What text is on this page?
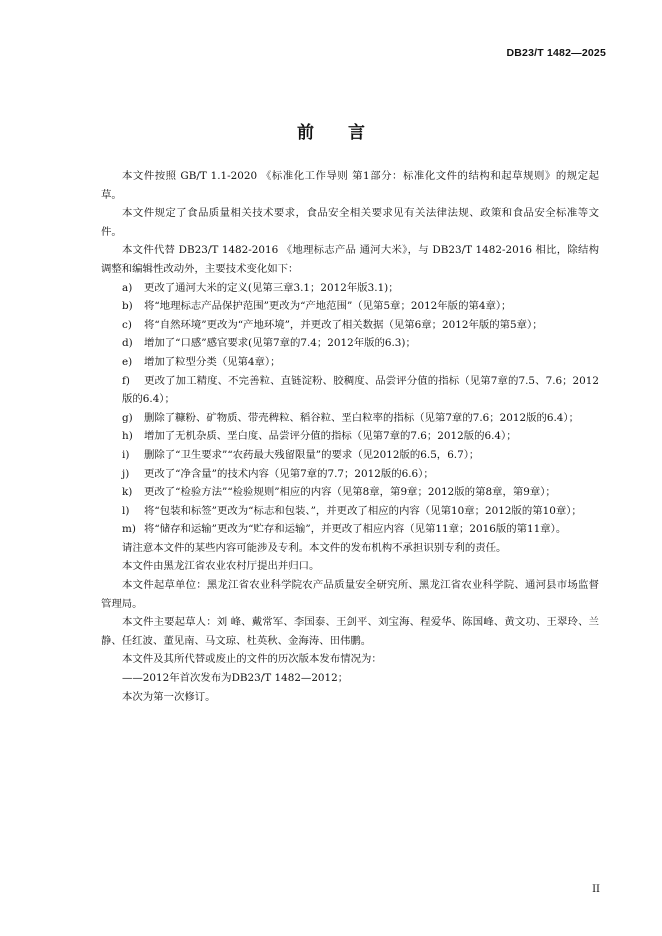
DB23/T 1482—2025
前 言

本文件按照 GB/T 1.1-2020 《标准化工作导则 第1部分：标准化文件的结构和起草规则》的规定起草。

本文件规定了食品质量相关技术要求，食品安全相关要求见有关法律法规、政策和食品安全标准等文件。

本文件代替 DB23/T 1482-2016 《地理标志产品 通河大米》，与 DB23/T 1482-2016 相比，除结构调整和编辑性改动外，主要技术变化如下：

a) 更改了通河大米的定义(见第三章3.1；2012年版3.1)；

b) 将“地理标志产品保护范围”更改为“产地范围”（见第5章；2012年版的第4章）；

c) 将“自然环境”更改为“产地环境”，并更改了相关数据（见第6章；2012年版的第5章）；

d) 增加了“口感”感官要求(见第7章的7.4；2012年版的6.3)；

e) 增加了粒型分类（见第4章）；

f) 更改了加工精度、不完善粒、直链淀粉、胶稠度、品尝评分值的指标（见第7章的7.5、7.6；2012版的6.4）；

g) 删除了糠粉、矿物质、带壳稗粒、稻谷粒、垩白粒率的指标（见第7章的7.6；2012版的6.4）；

h) 增加了无机杂质、垩白度、品尝评分值的指标（见第7章的7.6；2012版的6.4）；

i) 删除了“卫生要求”“农药最大残留限量”的要求（见2012版的6.5，6.7）；

j) 更改了“净含量”的技术内容（见第7章的7.7；2012版的6.6）；

k) 更改了“检验方法”“检验规则”相应的内容（见第8章，第9章；2012版的第8章，第9章）；

l) 将“包装和标签”更改为“标志和包装、”，并更改了相应的内容（见第10章；2012版的第10章）；

m) 将“储存和运输”更改为“贮存和运输”，并更改了相应内容（见第11章；2016版的第11章）。

请注意本文件的某些内容可能涉及专利。本文件的发布机构不承担识别专利的责任。

本文件由黑龙江省农业农村厅提出并归口。

本文件起草单位：黑龙江省农业科学院农产品质量安全研究所、黑龙江省农业科学院、通河县市场监督管理局。

本文件主要起草人：刘 峰、戴常军、李国泰、王剑平、刘宝海、程爱华、陈国峰、黄文功、王翠玲、兰 静、任红波、董见南、马文琼、杜英秋、金海涛、田伟鹏。

本文件及其所代替或废止的文件的历次版本发布情况为：

——2012年首次发布为DB23/T 1482—2012；

本次为第一次修订。

II
